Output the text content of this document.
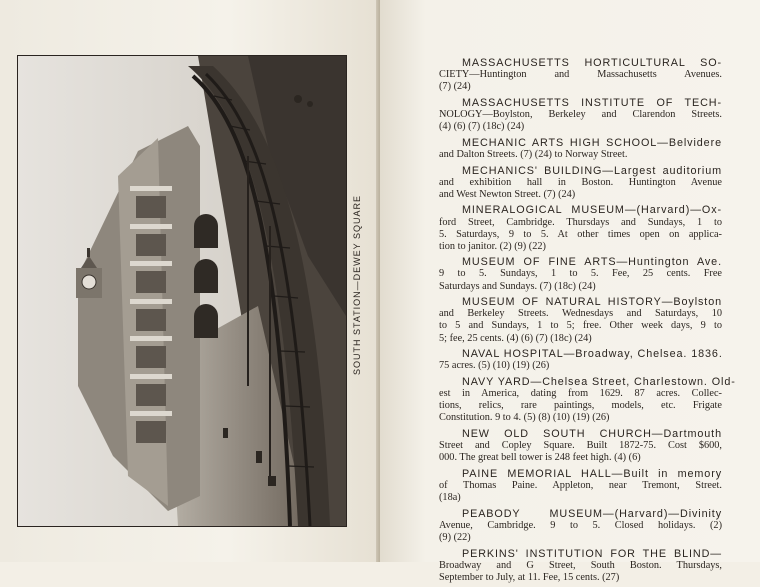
SOUTH STATION—DEWEY SQUARE
MASSACHUSETTS HORTICULTURAL SO-
CIETY—Huntington and Massachusetts Avenues.
(7) (24)
MASSACHUSETTS INSTITUTE OF TECH-
NOLOGY—Boylston, Berkeley and Clarendon Streets.
(4) (6) (7) (18c) (24)
MECHANIC ARTS HIGH SCHOOL—Belvidere
and Dalton Streets. (7) (24) to Norway Street.
MECHANICS' BUILDING—Largest auditorium
and exhibition hall in Boston. Huntington Avenue
and West Newton Street. (7) (24)
MINERALOGICAL MUSEUM—(Harvard)—Ox-
ford Street, Cambridge. Thursdays and Sundays, 1 to
5. Saturdays, 9 to 5. At other times open on applica-
tion to janitor. (2) (9) (22)
MUSEUM OF FINE ARTS—Huntington Ave.
9 to 5. Sundays, 1 to 5. Fee, 25 cents. Free
Saturdays and Sundays. (7) (18c) (24)
MUSEUM OF NATURAL HISTORY—Boylston
and Berkeley Streets. Wednesdays and Saturdays, 10
to 5 and Sundays, 1 to 5; free. Other week days, 9 to
5; fee, 25 cents. (4) (6) (7) (18c) (24)
NAVAL HOSPITAL—Broadway, Chelsea. 1836.
75 acres. (5) (10) (19) (26)
NAVY YARD—Chelsea Street, Charlestown. Old-
est in America, dating from 1629. 87 acres. Collec-
tions, relics, rare paintings, models, etc. Frigate
Constitution. 9 to 4. (5) (8) (10) (19) (26)
NEW OLD SOUTH CHURCH—Dartmouth
Street and Copley Square. Built 1872-75. Cost $600,
000. The great bell tower is 248 feet high. (4) (6)
PAINE MEMORIAL HALL—Built in memory
of Thomas Paine. Appleton, near Tremont, Street.
(18a)
PEABODY MUSEUM—(Harvard)—Divinity
Avenue, Cambridge. 9 to 5. Closed holidays. (2)
(9) (22)
PERKINS' INSTITUTION FOR THE BLIND—
Broadway and G Street, South Boston. Thursdays,
September to July, at 11. Fee, 15 cents. (27)
